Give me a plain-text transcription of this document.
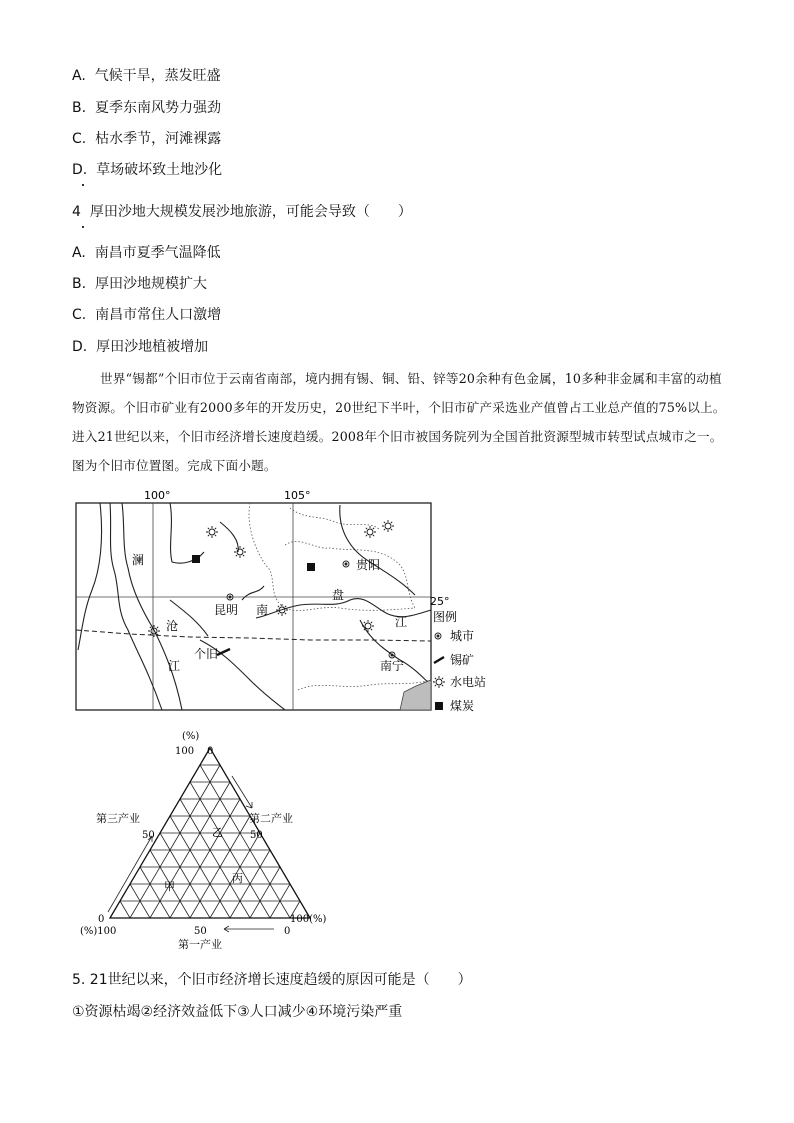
A. 气候干旱，蒸发旺盛
B. 夏季东南风势力强劲
C. 枯水季节，河滩裸露
D. 草场破坏致土地沙化
4 厚田沙地大规模发展沙地旅游，可能会导致（　　）
A. 南昌市夏季气温降低
B. 厚田沙地规模扩大
C. 南昌市常住人口激增
D. 厚田沙地植被增加
世界“锡都”个旧市位于云南省南部，境内拥有锡、铜、铅、锌等20余种有色金属，10多种非金属和丰富的动植物资源。个旧市矿业有2000多年的开发历史，20世纪下半叶，个旧市矿产采选业产值曾占工业总产值的75%以上。进入21世纪以来，个旧市经济增长速度趋缓。2008年个旧市被国务院列为全国首批资源型城市转型试点城市之一。图为个旧市位置图。完成下面小题。
100°	105°
25°
澜
沧
江
昆明 南
盘
江
贵阳
个旧
南宁
图例
城市
锡矿
水电站
煤炭
(%)
100 0
第三产业	第二产业
50	50
0	100(%)
(%)100	50	0
第一产业
乙
甲
丙
5. 21世纪以来，个旧市经济增长速度趋缓的原因可能是（　　）
①资源枯竭②经济效益低下③人口减少④环境污染严重
